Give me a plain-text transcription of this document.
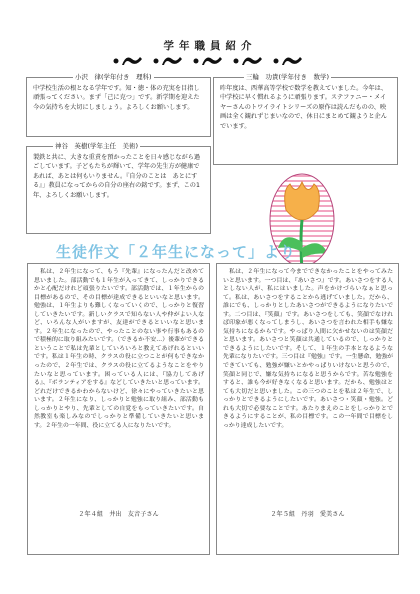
学年職員紹介
小沢　律(学年付き　理科)

中学校生活の根となる学年です。知・徳・体の充実を目指し頑張ってください。まず「己に克つ」です。新学期を迎えた今の気持ちを大切にしましょう。よろしくお願いします。

三輪　功貴(学年付き　数学)

昨年度は、西華高等学校で数学を教えていました。今年は、中学校に早く慣れるように頑張ります。ステファニー・メイヤーさんのトワイライトシリーズの原作は読んだものの、映画は全く観れずじまいなので、休日にまとめて観ようと企んでいます。

神谷　英樹(学年主任　美術)

製鉄と共に、大きな重責を預かったことを日々感じながら過ごしています。子どもたちが輝いて、学年の先生方が健康であれば、あとは何もいりません。『自分のことは　あとにする』」教員になってからの自分の座右の銘です。まず、この1年、よろしくお願いします。

生徒作文「２年生になって」より

　私は、２年生になって、もう『先輩』になったんだと改めて思いました。部活動でも１年生が入ってきて、しっかりできるかと心配だけれど頑張りたいです。部活動では、１年生からの目標があるので、その目標が達成できるといいなと思います。勉強は、１年生よりも難しくなっていくので、しっかりと復習していきたいです。新しいクラスで知らない人や仲がよい人など、いろんな人がいますが、友達ができるといいなと思います。２年生になったので、やったことのない事や行事もあるので積極的に取り組みたいです。（できるか不安…）後輩ができるということで私は先輩としていろいろと教えてあげれるといいです。私は１年生の時、クラスの役に立つことが何もできなかったので、２年生では、クラスの役に立てるようなことをやりたいなと思っています。困っている人には、『協力してあげる』、『ボランティアをする』などしていきたいと思っています。どれだけできるかわからないけど、徐々にやっていきたいと思います。２年生になり、しっかりと勉強に取り組み、部活動もしっかりとやり、先輩としての自覚をもっていきたいです。自然教室も楽しみなのでしっかりと準備していきたいと思います。２年生の一年間、役に立てる人になりたいです。

２年４組　井出　友音子さん

　私は、２年生になって今までできなかったことをやってみたいと思います。一つ目は、『あいさつ』です。あいさつをする人としない人が、私にはいました。声をかけづらいなぁと思って。私は、あいさつをすることから逃げていました。だから、誰にでも、しっかりとしたあいさつができるようになりたいです。二つ目は、『笑顔』です。あいさつをしても、笑顔でなければ印象が悪くなってしまうし、あいさつを言われた相手も嫌な気持ちになるからです。やっぱり人間に欠かせないのは笑顔だと思います。あいさつと笑顔は共通しているので、しっかりとできるようにしたいです。そして、１年生の手本となるような先輩になりたいです。三つ目は『勉強』です。一生懸命、勉強ができていても、勉強が嫌いとかやっぱりいけないと思うので、笑顔と同じで、嫌な気持ちになると思うからです。苦な勉強をすると、誰も今が好きなくなると思います。だから、勉強はとても大切だと思いました。この三つのことを私は２年生で、しっかりとできるようにしたいです。あいさつ・笑顔・勉強。どれも大切で必要なことです。あたりまえのことをしっかりとできるようにすることが、私の目標です。この一年間で目標をしっかり達成したいです。

２年５組　丹羽　愛美さん
